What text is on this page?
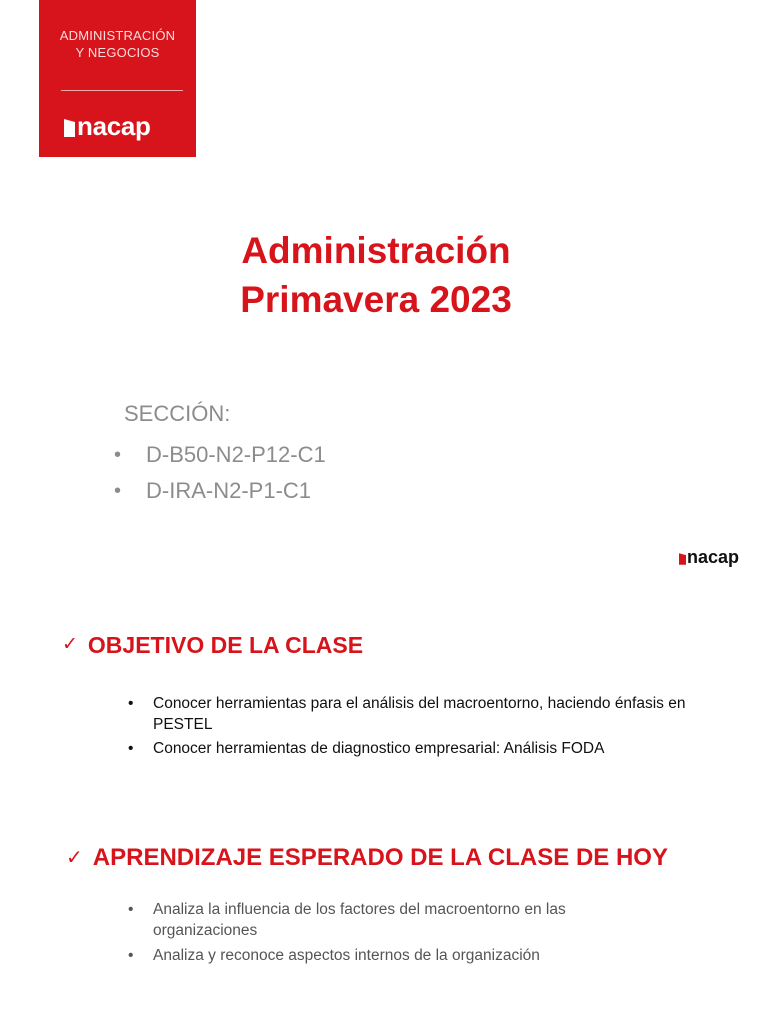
ADMINISTRACIÓN
Y NEGOCIOS
nacap
Administración
Primavera 2023
SECCIÓN:
•	D-B50-N2-P12-C1
•	D-IRA-N2-P1-C1
nacap
✓ OBJETIVO DE LA CLASE
•	Conocer herramientas para el análisis del macroentorno, haciendo énfasis en PESTEL
•	Conocer herramientas de diagnostico empresarial: Análisis FODA
✓ APRENDIZAJE ESPERADO DE LA CLASE DE HOY
•	Analiza la influencia de los factores del macroentorno en las organizaciones
•	Analiza y reconoce aspectos internos de la organización
